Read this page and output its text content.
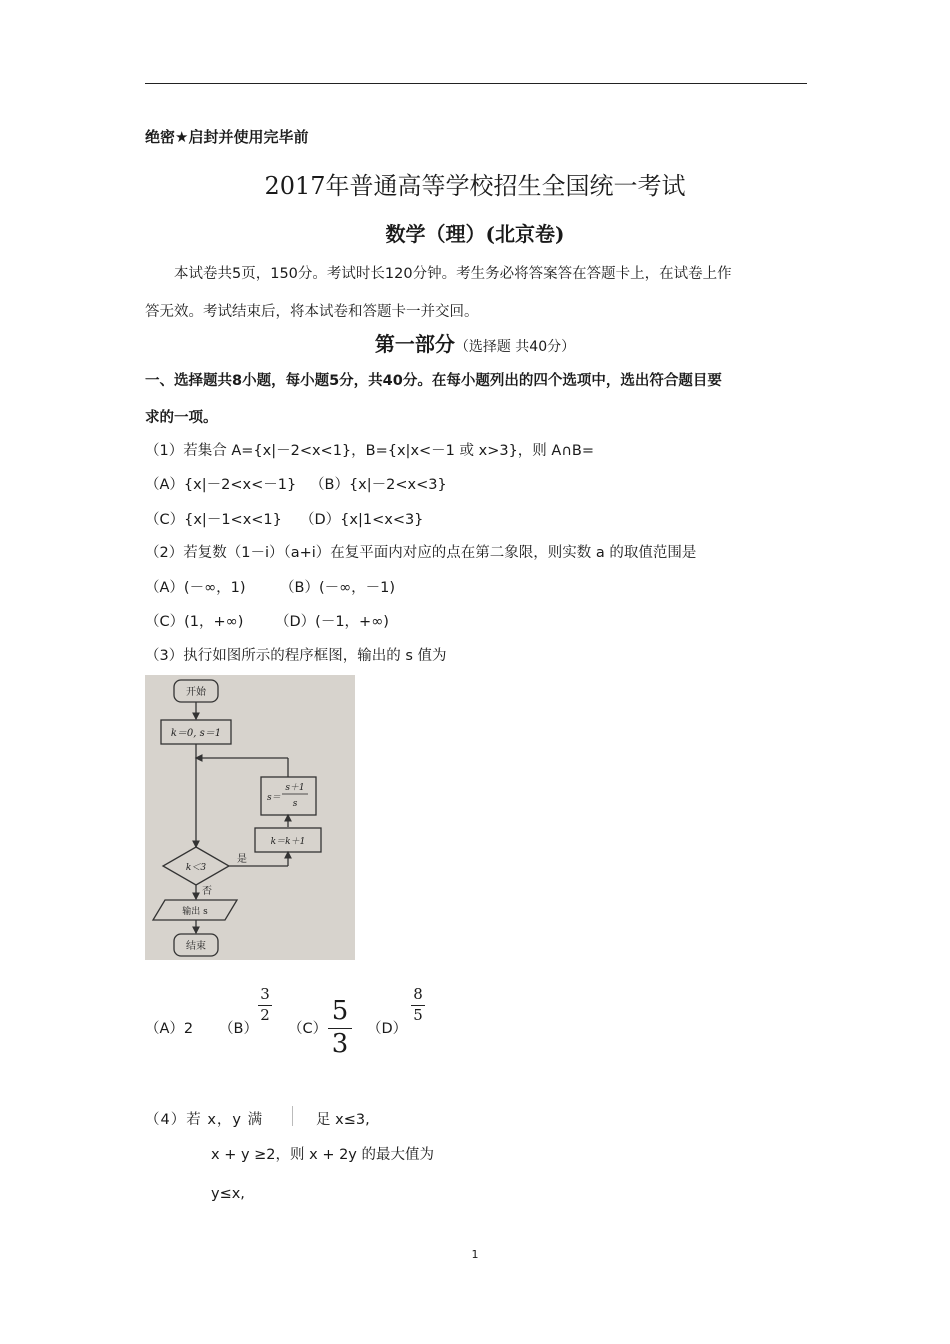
绝密★启封并使用完毕前
2017年普通高等学校招生全国统一考试
数学（理）(北京卷)
本试卷共5页，150分。考试时长120分钟。考生务必将答案答在答题卡上，在试卷上作
答无效。考试结束后，将本试卷和答题卡一并交回。
第一部分（选择题 共40分）
一、选择题共8小题，每小题5分，共40分。在每小题列出的四个选项中，选出符合题目要
求的一项。
（1）若集合 A={x|－2<x<1}，B={x|x<－1 或 x>3}，则 A∩B=
（A）{x|－2<x<－1} （B）{x|－2<x<3}
（C）{x|－1<x<1} （D）{x|1<x<3}
（2）若复数（1－i）（a+i）在复平面内对应的点在第二象限，则实数 a 的取值范围是
（A）(－∞，1) （B）(－∞，－1)
（C）(1，+∞) （D）(－1，+∞)
（3）执行如图所示的程序框图，输出的 s 值为
开始
k＝0, s＝1
s＝
s＋1
s
k＝k＋1
k＜3
是
否
输出 s
结束
（A）2 （B）
$\frac{3}{2}$
$(C) \frac{5}{3} (D)$
$\frac{8}{5}$
（4）若 x，y 满	足 x≤3,
x + y ≥2，则 x + 2y 的最大值为
y≤x,
1
